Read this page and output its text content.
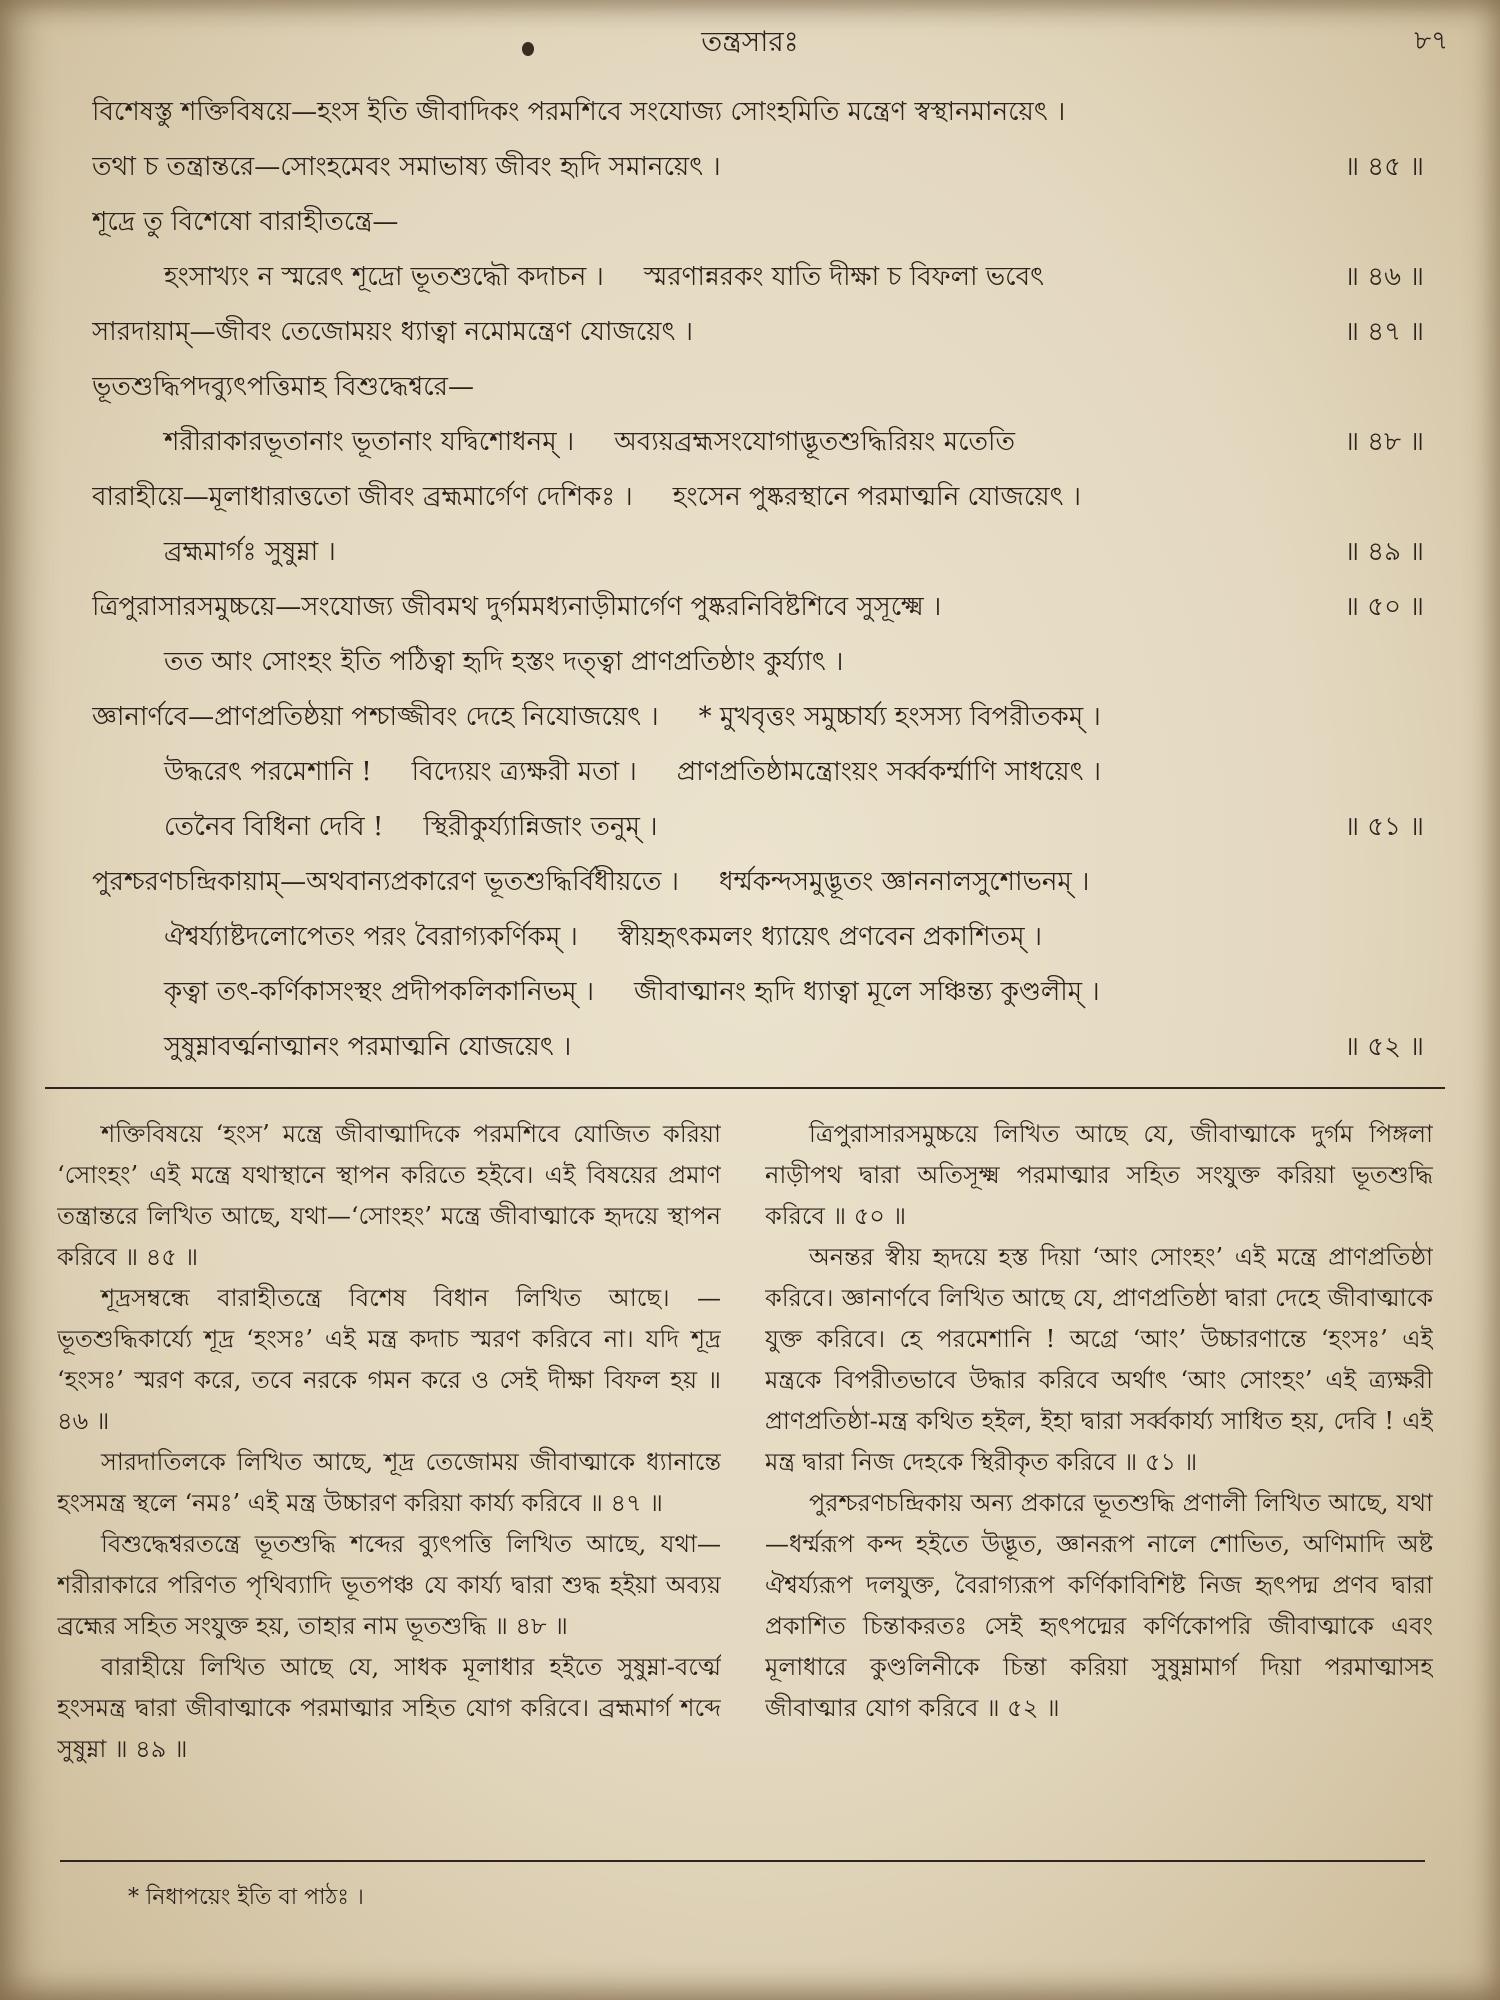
তন্ত্রসারঃ	৮৭
বিশেষস্তু শক্তিবিষয়ে—হংস ইতি জীবাদিকং পরমশিবে সংযোজ্য সোংহমিতি মন্ত্রেণ স্বস্থানমানয়েৎ ।
তথা চ তন্ত্রান্তরে—সোংহমেবং সমাভাষ্য জীবং হৃদি সমানয়েৎ ।	॥ ৪৫ ॥
শূদ্রে তু বিশেষো বারাহীতন্ত্রে—
হংসাখ্যং ন স্মরেৎ শূদ্রো ভূতশুদ্ধৌ কদাচন । স্মরণান্নরকং যাতি দীক্ষা চ বিফলা ভবেৎ	॥ ৪৬ ॥
সারদায়াম্—জীবং তেজোময়ং ধ্যাত্বা নমোমন্ত্রেণ যোজয়েৎ ।	॥ ৪৭ ॥
ভূতশুদ্ধিপদব্যুৎপত্তিমাহ বিশুদ্ধেশ্বরে—
শরীরাকারভূতানাং ভূতানাং যদ্বিশোধনম্ । অব্যয়ব্রহ্মসংযোগাদ্ভূতশুদ্ধিরিয়ং মতেতি	॥ ৪৮ ॥
বারাহীয়ে—মূলাধারাত্ততো জীবং ব্রহ্মমার্গেণ দেশিকঃ । হংসেন পুষ্করস্থানে পরমাত্মনি যোজয়েৎ ।
ব্রহ্মমার্গঃ সুষুম্না ।	॥ ৪৯ ॥
ত্রিপুরাসারসমুচ্চয়ে—সংযোজ্য জীবমথ দুর্গমমধ্যনাড়ীমার্গেণ পুষ্করনিবিষ্টশিবে সুসূক্ষ্মে ।	॥ ৫০ ॥
তত আং সোংহং ইতি পঠিত্বা হৃদি হস্তং দত্ত্বা প্রাণপ্রতিষ্ঠাং কুর্য্যাৎ ।
জ্ঞানার্ণবে—প্রাণপ্রতিষ্ঠয়া পশ্চাজ্জীবং দেহে নিযোজয়েৎ । * মুখবৃত্তং সমুচ্চার্য্য হংসস্য বিপরীতকম্ ।
উদ্ধরেৎ পরমেশানি ! বিদ্যেয়ং ত্র্যক্ষরী মতা । প্রাণপ্রতিষ্ঠামন্ত্রোংয়ং সর্ব্বকর্ম্মাণি সাধয়েৎ ।
তেনৈব বিধিনা দেবি ! স্থিরীকুর্য্যান্নিজাং তনুম্ ।	॥ ৫১ ॥
পুরশ্চরণচন্দ্রিকায়াম্—অথবান্যপ্রকারেণ ভূতশুদ্ধির্বিধীয়তে । ধর্ম্মকন্দসমুদ্ভূতং জ্ঞাননালসুশোভনম্ ।
ঐশ্বর্য্যাষ্টদলোপেতং পরং বৈরাগ্যকর্ণিকম্ । স্বীয়হৃৎকমলং ধ্যায়েৎ প্রণবেন প্রকাশিতম্ ।
কৃত্বা তৎ-কর্ণিকাসংস্থং প্রদীপকলিকানিভম্ । জীবাত্মানং হৃদি ধ্যাত্বা মূলে সঞ্চিন্ত্য কুণ্ডলীম্ ।
সুষুম্নাবর্ত্মনাত্মানং পরমাত্মনি যোজয়েৎ ।	॥ ৫২ ॥

শক্তিবিষয়ে ‘হংস’ মন্ত্রে জীবাত্মাদিকে পরমশিবে যোজিত করিয়া ‘সোংহং’ এই মন্ত্রে যথাস্থানে স্থাপন করিতে হইবে। এই বিষয়ের প্রমাণ তন্ত্রান্তরে লিখিত আছে, যথা—‘সোংহং’ মন্ত্রে জীবাত্মাকে হৃদয়ে স্থাপন করিবে ॥ ৪৫ ॥

শূদ্রসম্বন্ধে বারাহীতন্ত্রে বিশেষ বিধান লিখিত আছে। —ভূতশুদ্ধিকার্য্যে শূদ্র ‘হংসঃ’ এই মন্ত্র কদাচ স্মরণ করিবে না। যদি শূদ্র ‘হংসঃ’ স্মরণ করে, তবে নরকে গমন করে ও সেই দীক্ষা বিফল হয় ॥ ৪৬ ॥

সারদাতিলকে লিখিত আছে, শূদ্র তেজোময় জীবাত্মাকে ধ্যানান্তে হংসমন্ত্র স্থলে ‘নমঃ’ এই মন্ত্র উচ্চারণ করিয়া কার্য্য করিবে ॥ ৪৭ ॥

বিশুদ্ধেশ্বরতন্ত্রে ভূতশুদ্ধি শব্দের ব্যুৎপত্তি লিখিত আছে, যথা—শরীরাকারে পরিণত পৃথিব্যাদি ভূতপঞ্চ যে কার্য্য দ্বারা শুদ্ধ হইয়া অব্যয় ব্রহ্মের সহিত সংযুক্ত হয়, তাহার নাম ভূতশুদ্ধি ॥ ৪৮ ॥

বারাহীয়ে লিখিত আছে যে, সাধক মূলাধার হইতে সুষুম্না-বর্ত্মে হংসমন্ত্র দ্বারা জীবাত্মাকে পরমাত্মার সহিত যোগ করিবে। ব্রহ্মমার্গ শব্দে সুষুম্না ॥ ৪৯ ॥

ত্রিপুরাসারসমুচ্চয়ে লিখিত আছে যে, জীবাত্মাকে দুর্গম পিঙ্গলা নাড়ীপথ দ্বারা অতিসূক্ষ্ম পরমাত্মার সহিত সংযুক্ত করিয়া ভূতশুদ্ধি করিবে ॥ ৫০ ॥

অনন্তর স্বীয় হৃদয়ে হস্ত দিয়া ‘আং সোংহং’ এই মন্ত্রে প্রাণপ্রতিষ্ঠা করিবে। জ্ঞানার্ণবে লিখিত আছে যে, প্রাণপ্রতিষ্ঠা দ্বারা দেহে জীবাত্মাকে যুক্ত করিবে। হে পরমেশানি ! অগ্রে ‘আং’ উচ্চারণান্তে ‘হংসঃ’ এই মন্ত্রকে বিপরীতভাবে উদ্ধার করিবে অর্থাৎ ‘আং সোংহং’ এই ত্র্যক্ষরী প্রাণপ্রতিষ্ঠা-মন্ত্র কথিত হইল, ইহা দ্বারা সর্ব্বকার্য্য সাধিত হয়, দেবি ! এই মন্ত্র দ্বারা নিজ দেহকে স্থিরীকৃত করিবে ॥ ৫১ ॥

পুরশ্চরণচন্দ্রিকায় অন্য প্রকারে ভূতশুদ্ধি প্রণালী লিখিত আছে, যথা—ধর্ম্মরূপ কন্দ হইতে উদ্ভূত, জ্ঞানরূপ নালে শোভিত, অণিমাদি অষ্ট ঐশ্বর্য্যরূপ দলযুক্ত, বৈরাগ্যরূপ কর্ণিকাবিশিষ্ট নিজ হৃৎপদ্ম প্রণব দ্বারা প্রকাশিত চিন্তাকরতঃ সেই হৃৎপদ্মের কর্ণিকোপরি জীবাত্মাকে এবং মূলাধারে কুণ্ডলিনীকে চিন্তা করিয়া সুষুম্নামার্গ দিয়া পরমাত্মাসহ জীবাত্মার যোগ করিবে ॥ ৫২ ॥

* নিধাপয়েং ইতি বা পাঠঃ ।
